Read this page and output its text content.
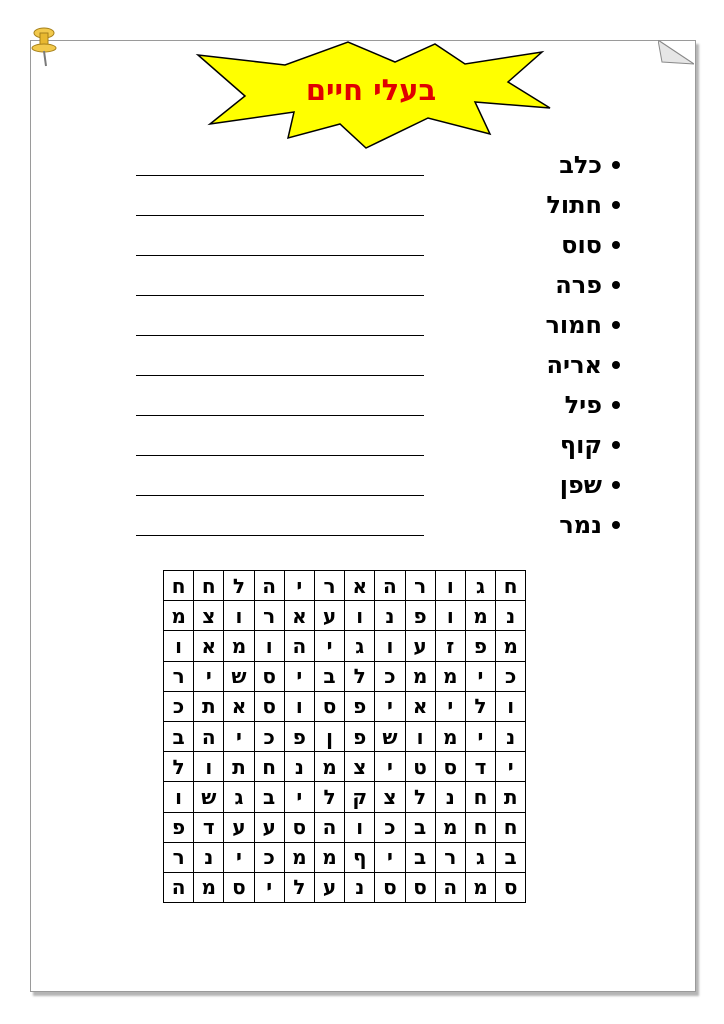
בעלי חיים
כלב
חתול
סוס
פרה
חמור
אריה
פיל
קוף
שפן
נמר
ח	ג	ו	ר	ה	א	ר	י	ה	ל	ח	ח
נ	מ	ו	פ	נ	ו	ע	א	ר	ו	צ	מ
מ	פ	ז	ע	ו	ג	י	ה	ו	מ	א	ו
כ	י	מ	מ	כ	ל	ב	י	ס	ש	י	ר
ו	ל	י	א	י	פ	ס	ו	ס	א	ת	כ
נ	י	מ	ו	ש	פ	ן	פ	כ	י	ה	ב
י	ד	ס	ט	י	צ	מ	נ	ח	ת	ו	ל
ת	ח	נ	ל	צ	ק	ל	י	ב	ג	ש	ו
ח	ח	מ	ב	כ	ו	ה	ס	ע	ע	ד	פ
ב	ג	ר	ב	י	ף	מ	מ	כ	י	נ	ר
ס	מ	ה	ס	ס	נ	ע	ל	י	ס	מ	ה
